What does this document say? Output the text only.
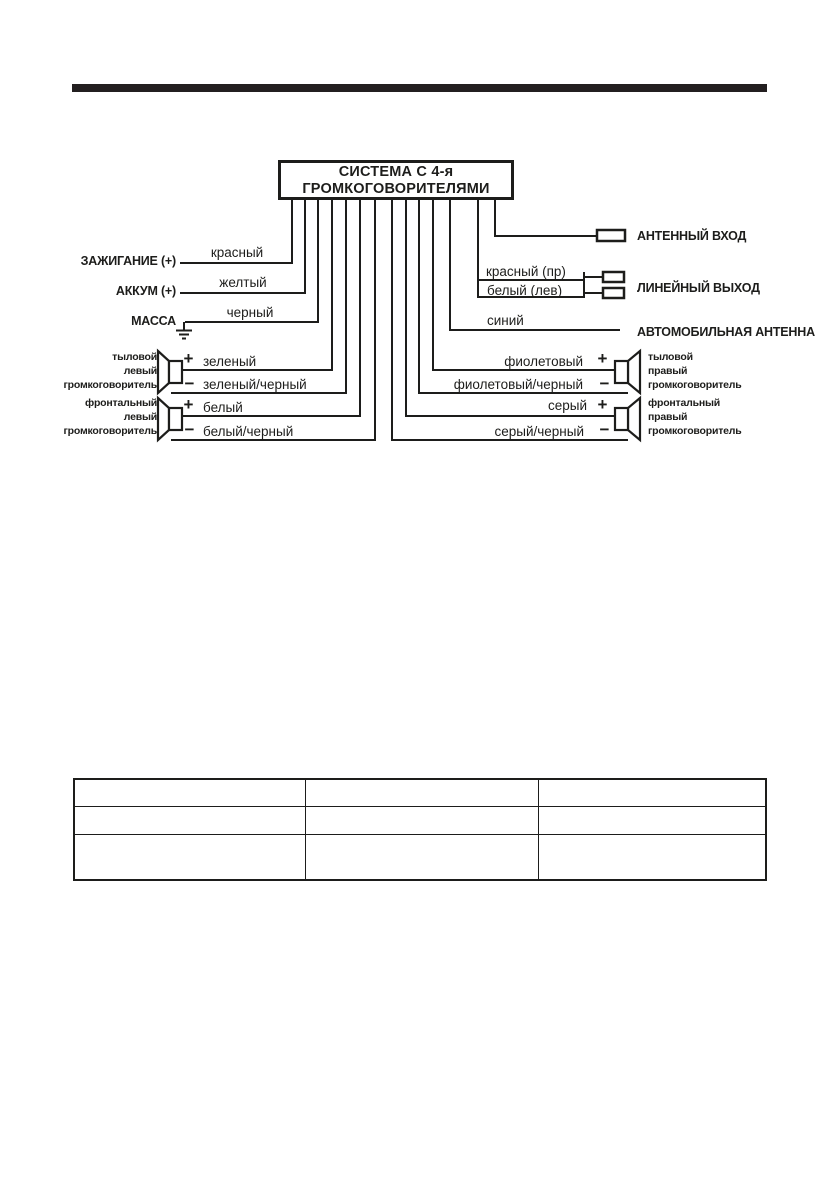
СИСТЕМА С 4-я
ГРОМКОГОВОРИТЕЛЯМИ
ЗАЖИГАНИЕ (+)
АККУМ (+)
МАССА
красный
желтый
черный
тыловой
левый
громкоговоритель
фронтальный
левый
громкоговоритель
тыловой
правый
громкоговоритель
фронтальный
правый
громкоговоритель
+
−
+
−
+
−
+
−
зеленый
зеленый/черный
белый
белый/черный
фиолетовый
фиолетовый/черный
серый
серый/черный
красный (пр)
белый (лев)
синий
АНТЕННЫЙ ВХОД
ЛИНЕЙНЫЙ ВЫХОД
АВТОМОБИЛЬНАЯ АНТЕННА
